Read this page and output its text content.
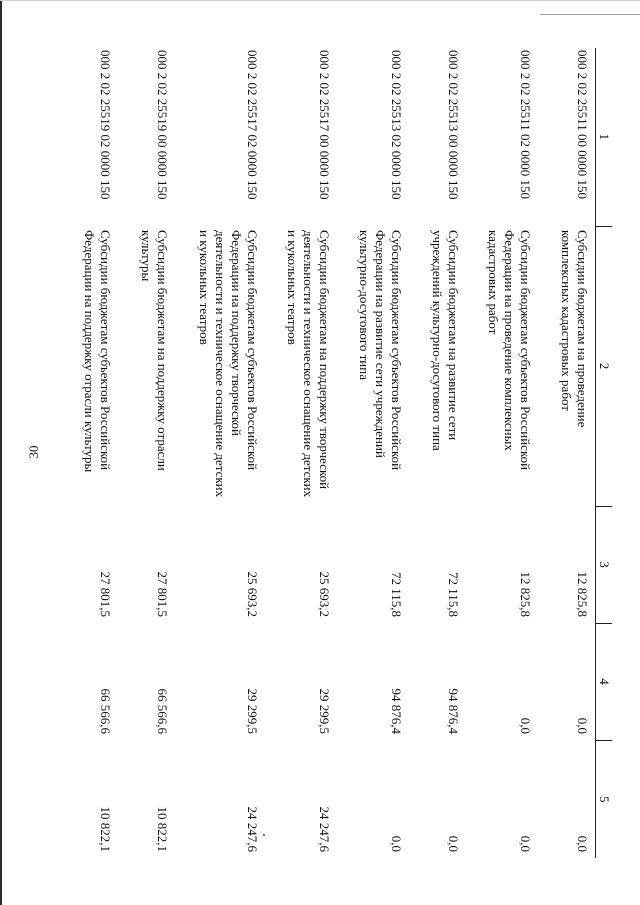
30
1	2	3	4	5
000 2 02 25511 00 0000 150	Субсидии бюджетам на проведение комплексных кадастровых работ	12 825,8	0,0	0,0
000 2 02 25511 02 0000 150	Субсидии бюджетам субъектов Российской Федерации на проведение комплексных кадастровых работ	12 825,8	0,0	0,0
000 2 02 25513 00 0000 150	Субсидии бюджетам на развитие сети учреждений культурно-досугового типа	72 115,8	94 876,4	0,0
000 2 02 25513 02 0000 150	Субсидии бюджетам субъектов Российской Федерации на развитие сети учреждений культурно-досугового типа	72 115,8	94 876,4	0,0
000 2 02 25517 00 0000 150	Субсидии бюджетам на поддержку творческой деятельности и техническое оснащение детских и кукольных театров	25 693,2	29 299,5	24 247,6
000 2 02 25517 02 0000 150	Субсидии бюджетам субъектов Российской Федерации на поддержку творческой деятельности и техническое оснащение детских и кукольных театров	25 693,2	29 299,5	24 247,6
000 2 02 25519 00 0000 150	Субсидии бюджетам на поддержку отрасли культуры	27 801,5	66 566,6	10 822,1
000 2 02 25519 02 0000 150	Субсидии бюджетам субъектов Российской Федерации на поддержку отрасли культуры	27 801,5	66 566,6	10 822,1
